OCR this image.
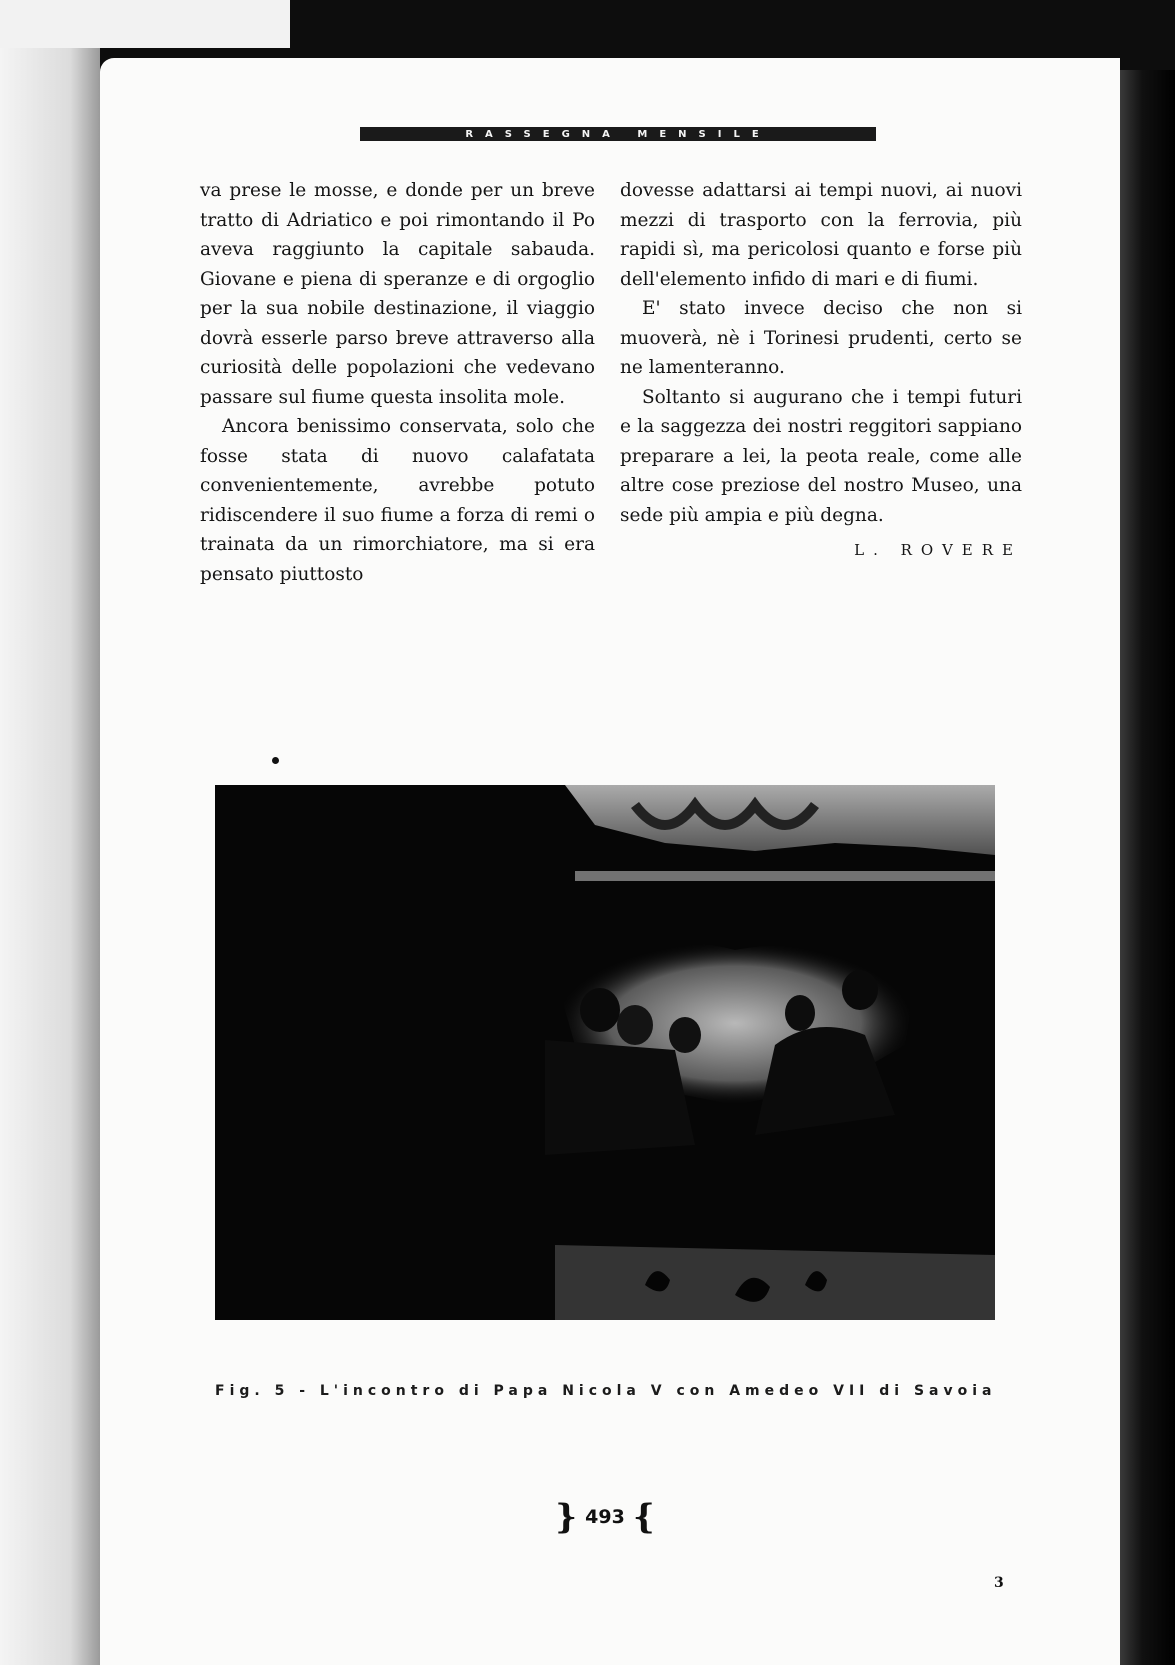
RASSEGNA MENSILE

va prese le mosse, e donde per un breve tratto di Adriatico e poi rimontando il Po aveva raggiunto la capitale sabauda. Giovane e piena di speranze e di orgoglio per la sua nobile destinazione, il viaggio dovrà esserle parso breve attraverso alla curiosità delle popolazioni che vedevano passare sul fiume questa insolita mole.

Ancora benissimo conservata, solo che fosse stata di nuovo calafatata convenientemente, avrebbe potuto ridiscendere il suo fiume a forza di remi o trainata da un rimorchiatore, ma si era pensato piuttosto

dovesse adattarsi ai tempi nuovi, ai nuovi mezzi di trasporto con la ferrovia, più rapidi sì, ma pericolosi quanto e forse più dell'elemento infido di mari e di fiumi.

E' stato invece deciso che non si muoverà, nè i Torinesi prudenti, certo se ne lamenteranno.

Soltanto si augurano che i tempi futuri e la saggezza dei nostri reggitori sappiano preparare a lei, la peota reale, come alle altre cose preziose del nostro Museo, una sede più ampia e più degna.

L. ROVERE

Fig. 5 - L'incontro di Papa Nicola V con Amedeo VII di Savoia
} 493 {
3
